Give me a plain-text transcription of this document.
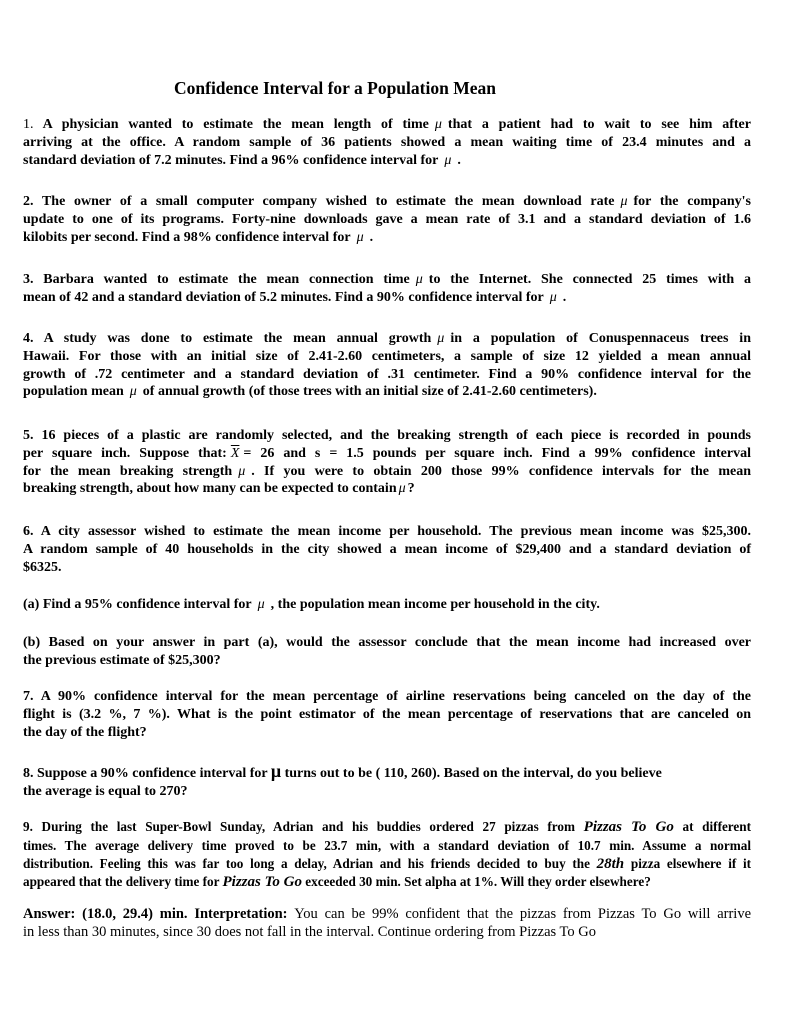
Confidence Interval for a Population Mean
1. A physician wanted to estimate the mean length of time μ that a patient had to wait to see him after
arriving at the office. A random sample of 36 patients showed a mean waiting time of 23.4 minutes and a
standard deviation of 7.2 minutes. Find a 96% confidence interval for μ .
2. The owner of a small computer company wished to estimate the mean download rate μ for the company's
update to one of its programs. Forty-nine downloads gave a mean rate of 3.1 and a standard deviation of 1.6
kilobits per second. Find a 98% confidence interval for μ .
3. Barbara wanted to estimate the mean connection time μ to the Internet. She connected 25 times with a
mean of 42 and a standard deviation of 5.2 minutes. Find a 90% confidence interval for μ .
4. A study was done to estimate the mean annual growth μ in a population of Conuspennaceus trees in
Hawaii. For those with an initial size of 2.41-2.60 centimeters, a sample of size 12 yielded a mean annual
growth of .72 centimeter and a standard deviation of .31 centimeter. Find a 90% confidence interval for the
population mean μ of annual growth (of those trees with an initial size of 2.41-2.60 centimeters).
5. 16 pieces of a plastic are randomly selected, and the breaking strength of each piece is recorded in pounds
per square inch. Suppose that: $\overline{X} = 26$ and s = 1.5 pounds per square inch. Find a 99% confidence interval
for the mean breaking strength μ . If you were to obtain 200 those 99% confidence intervals for the mean
breaking strength, about how many can be expected to contain μ ?
6. A city assessor wished to estimate the mean income per household. The previous mean income was $25,300.
A random sample of 40 households in the city showed a mean income of $29,400 and a standard deviation of
$6325.
(a) Find a 95% confidence interval for μ , the population mean income per household in the city.
(b) Based on your answer in part (a), would the assessor conclude that the mean income had increased over
the previous estimate of $25,300?
7. A 90% confidence interval for the mean percentage of airline reservations being canceled on the day of the
flight is (3.2 %, 7 %). What is the point estimator of the mean percentage of reservations that are canceled on
the day of the flight?
8. Suppose a 90% confidence interval for μ turns out to be ( 110, 260). Based on the interval, do you believe
the average is equal to 270?
9. During the last Super-Bowl Sunday, Adrian and his buddies ordered 27 pizzas from Pizzas To Go at different
times. The average delivery time proved to be 23.7 min, with a standard deviation of 10.7 min. Assume a normal
distribution. Feeling this was far too long a delay, Adrian and his friends decided to buy the 28th pizza elsewhere if it
appeared that the delivery time for Pizzas To Go exceeded 30 min. Set alpha at 1%. Will they order elsewhere?
Answer: (18.0, 29.4) min. Interpretation: You can be 99% confident that the pizzas from Pizzas To Go will arrive
in less than 30 minutes, since 30 does not fall in the interval. Continue ordering from Pizzas To Go
